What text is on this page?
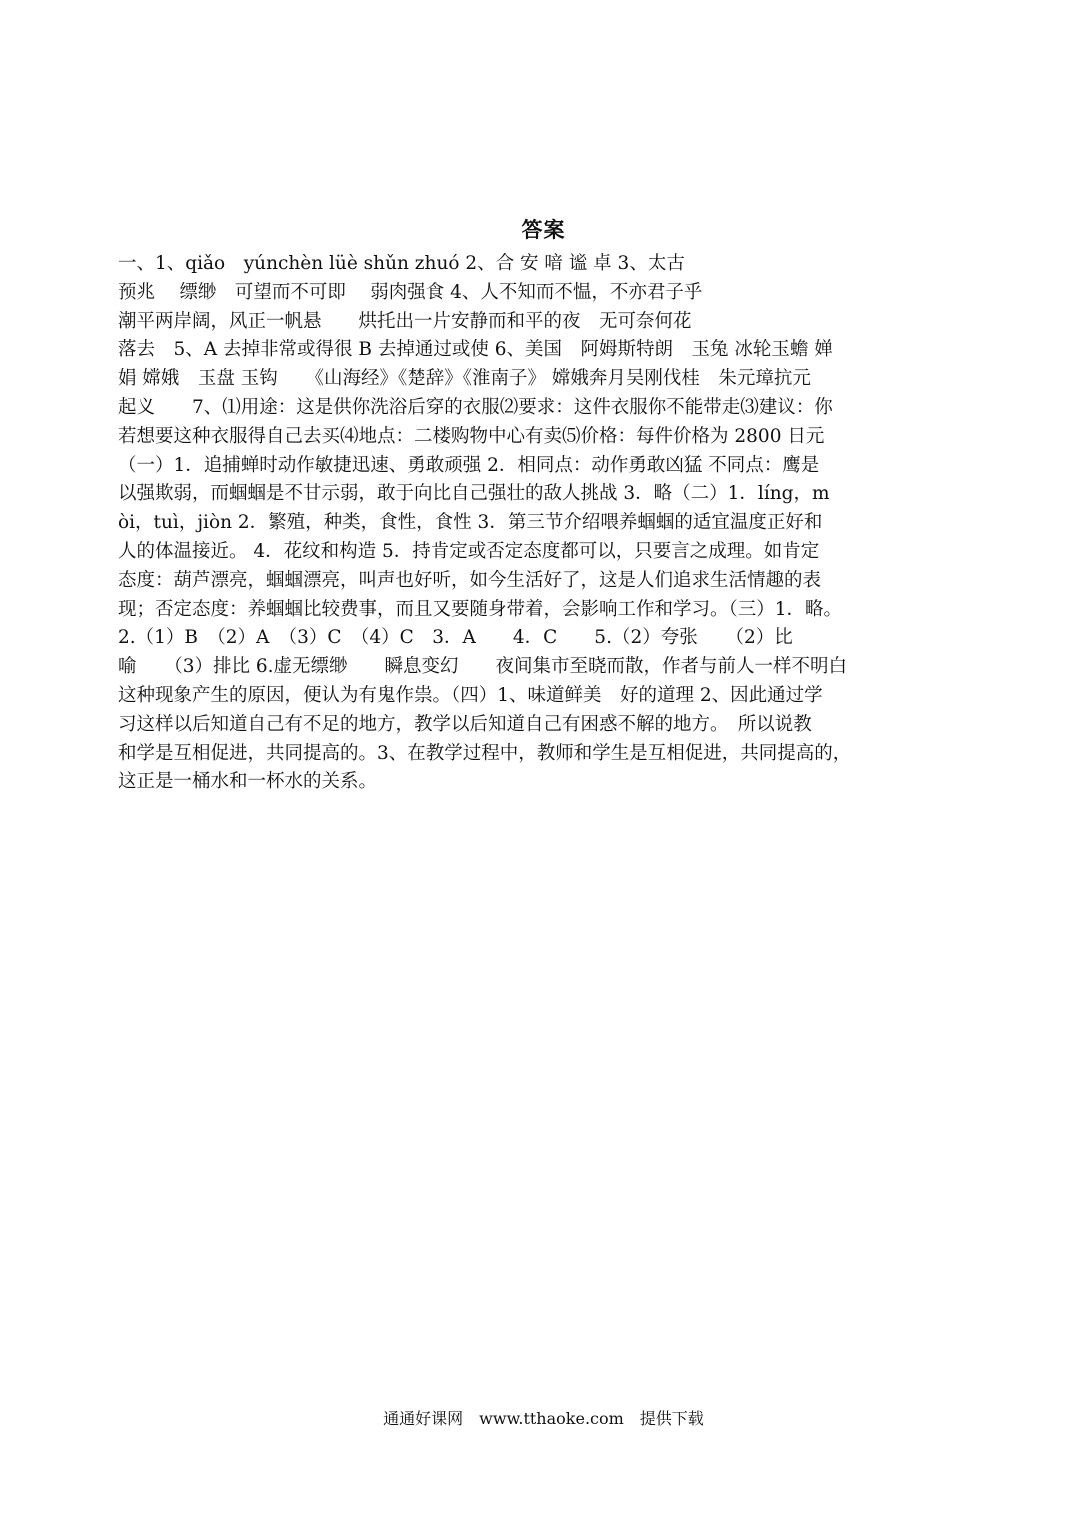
答案
一、1、qiǎo　yúnchèn lüè shǔn zhuó 2、合 安 喑 谧 卓 3、太古
预兆　 缥缈　可望而不可即　 弱肉强食 4、人不知而不愠，不亦君子乎
潮平两岸阔，风正一帆悬　　烘托出一片安静而和平的夜　无可奈何花
落去　5、A 去掉非常或得很 B 去掉通过或使 6、美国　阿姆斯特朗　玉兔 冰轮玉蟾 婵
娟 嫦娥　玉盘 玉钩　　《山海经》《楚辞》《淮南子》 嫦娥奔月吴刚伐桂　朱元璋抗元
起义　　7、⑴用途：这是供你洗浴后穿的衣服⑵要求：这件衣服你不能带走⑶建议：你
若想要这种衣服得自己去买⑷地点：二楼购物中心有卖⑸价格：每件价格为 2800 日元
（一）1．追捕蝉时动作敏捷迅速、勇敢顽强 2．相同点：动作勇敢凶猛 不同点：鹰是
以强欺弱，而蝈蝈是不甘示弱，敢于向比自己强壮的敌人挑战 3．略（二）1．líng，m
òi，tuì，jiòn 2．繁殖，种类，食性，食性 3．第三节介绍喂养蝈蝈的适宜温度正好和
人的体温接近。 4．花纹和构造 5．持肯定或否定态度都可以，只要言之成理。如肯定
态度：葫芦漂亮，蝈蝈漂亮，叫声也好听，如今生活好了，这是人们追求生活情趣的表
现；否定态度：养蝈蝈比较费事，而且又要随身带着，会影响工作和学习。（三）1．略。
2.（1）B　（2）A　（3）C　（4）C　3．A　　4．C　　5.（2）夸张　　（2）比
喻　　（3）排比 6.虚无缥缈　　瞬息变幻　　夜间集市至晓而散，作者与前人一样不明白
这种现象产生的原因，便认为有鬼作祟。（四）1、味道鲜美　好的道理 2、因此通过学
习这样以后知道自己有不足的地方，教学以后知道自己有困惑不解的地方。　所以说教
和学是互相促进，共同提高的。3、在教学过程中，教师和学生是互相促进，共同提高的，
这正是一桶水和一杯水的关系。
通通好课网　www.tthaoke.com　提供下载
